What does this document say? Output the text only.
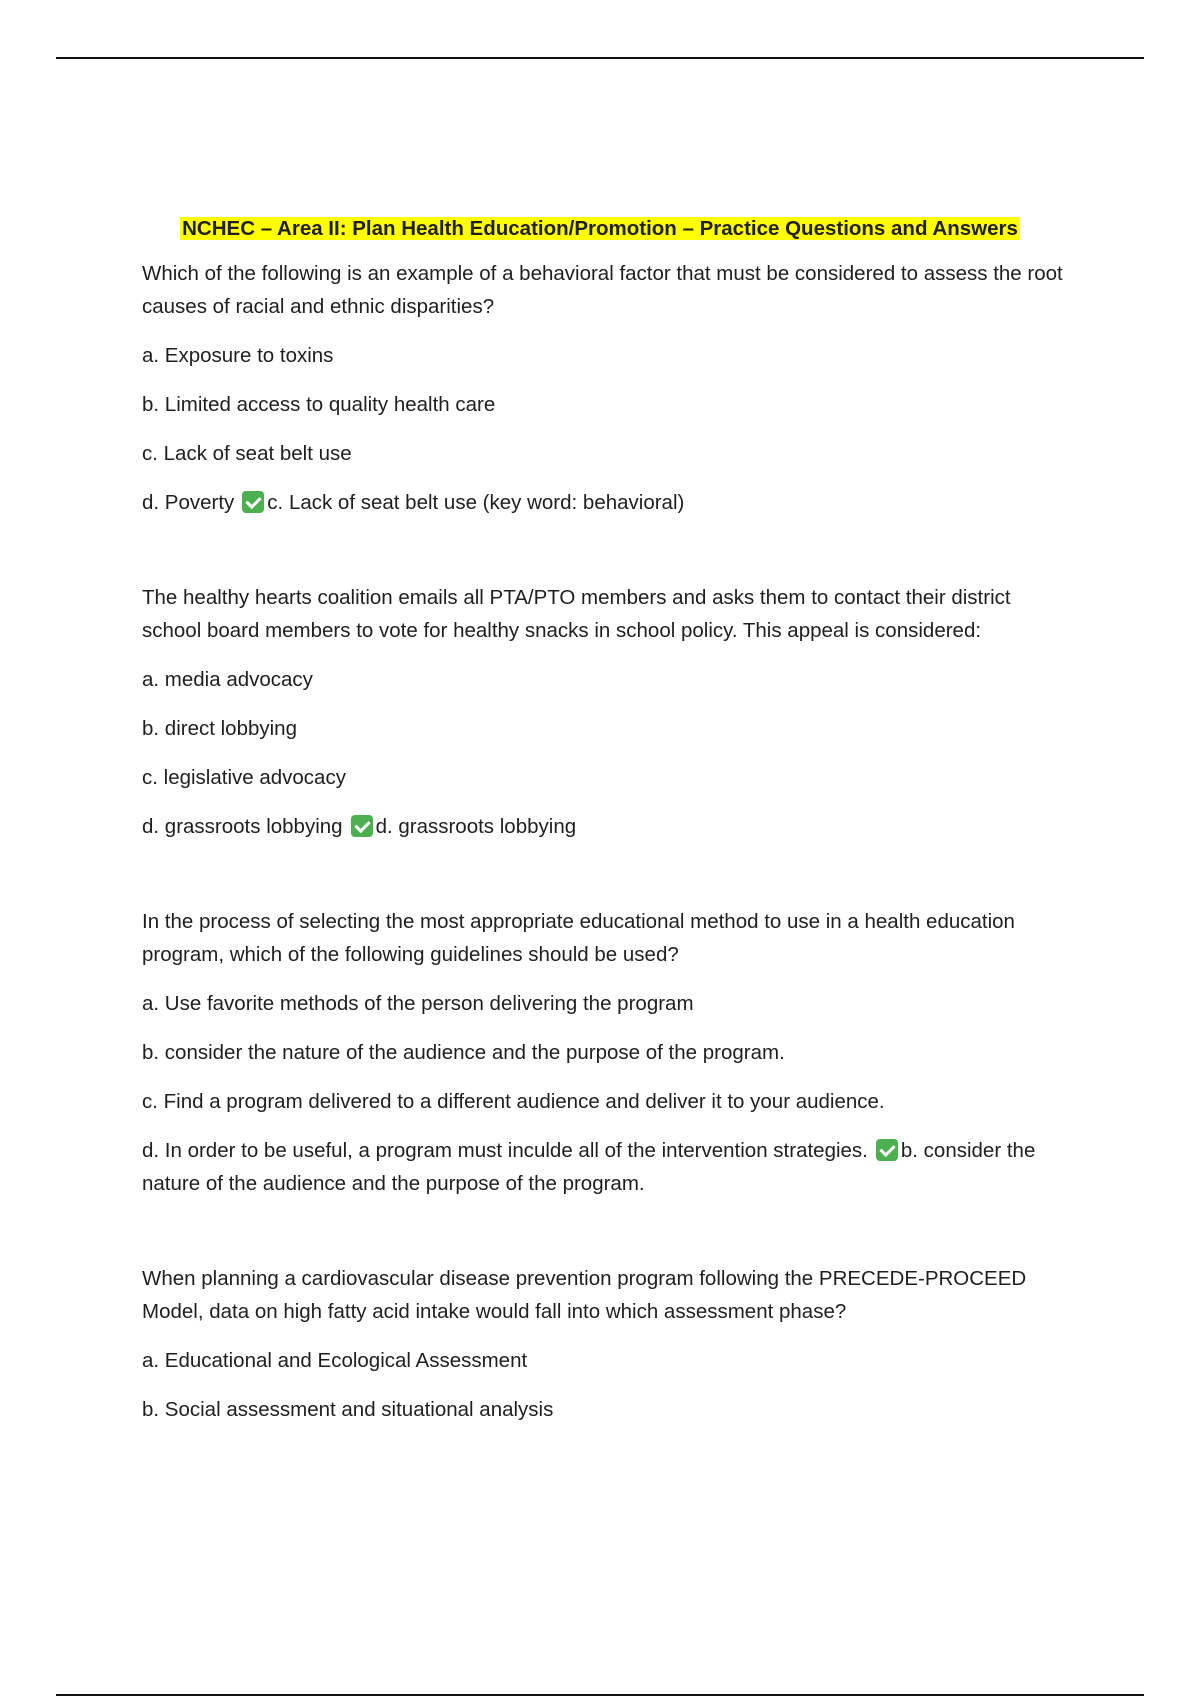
NCHEC – Area II: Plan Health Education/Promotion – Practice Questions and Answers

Which of the following is an example of a behavioral factor that must be considered to assess the root causes of racial and ethnic disparities?

a. Exposure to toxins

b. Limited access to quality health care

c. Lack of seat belt use

d. Poverty c. Lack of seat belt use (key word: behavioral)

The healthy hearts coalition emails all PTA/PTO members and asks them to contact their district school board members to vote for healthy snacks in school policy. This appeal is considered:

a. media advocacy

b. direct lobbying

c. legislative advocacy

d. grassroots lobbying d. grassroots lobbying

In the process of selecting the most appropriate educational method to use in a health education program, which of the following guidelines should be used?

a. Use favorite methods of the person delivering the program

b. consider the nature of the audience and the purpose of the program.

c. Find a program delivered to a different audience and deliver it to your audience.

d. In order to be useful, a program must inculde all of the intervention strategies. b. consider the nature of the audience and the purpose of the program.

When planning a cardiovascular disease prevention program following the PRECEDE-PROCEED Model, data on high fatty acid intake would fall into which assessment phase?

a. Educational and Ecological Assessment

b. Social assessment and situational analysis
